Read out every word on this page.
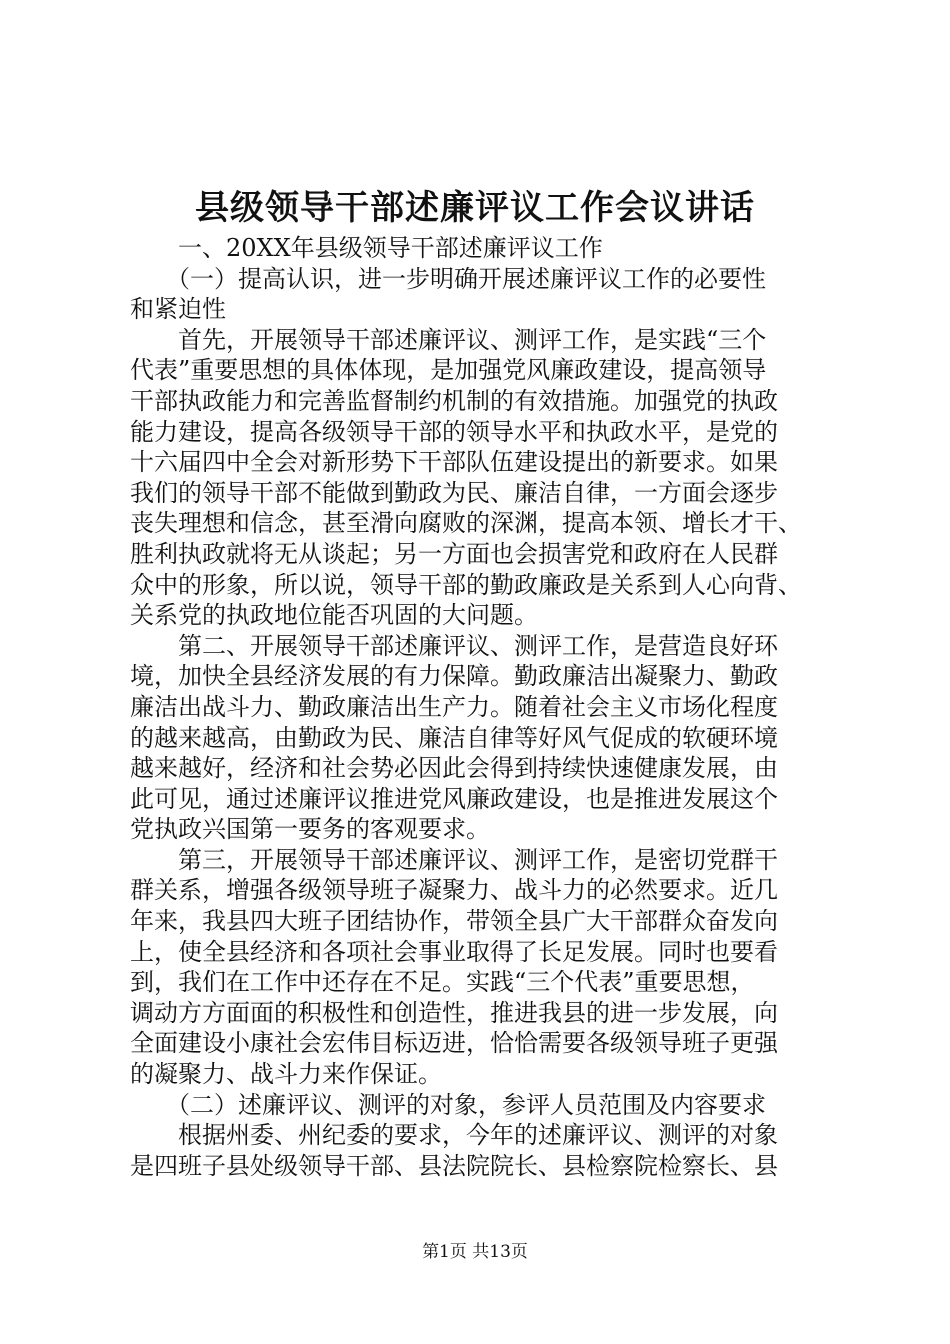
县级领导干部述廉评议工作会议讲话
　　一、20XX年县级领导干部述廉评议工作
　　（一）提高认识，进一步明确开展述廉评议工作的必要性
和紧迫性
　　首先，开展领导干部述廉评议、测评工作，是实践“三个
代表”重要思想的具体体现，是加强党风廉政建设，提高领导
干部执政能力和完善监督制约机制的有效措施。加强党的执政
能力建设，提高各级领导干部的领导水平和执政水平，是党的
十六届四中全会对新形势下干部队伍建设提出的新要求。如果
我们的领导干部不能做到勤政为民、廉洁自律，一方面会逐步
丧失理想和信念，甚至滑向腐败的深渊，提高本领、增长才干、
胜利执政就将无从谈起；另一方面也会损害党和政府在人民群
众中的形象，所以说，领导干部的勤政廉政是关系到人心向背、
关系党的执政地位能否巩固的大问题。
　　第二、开展领导干部述廉评议、测评工作，是营造良好环
境，加快全县经济发展的有力保障。勤政廉洁出凝聚力、勤政
廉洁出战斗力、勤政廉洁出生产力。随着社会主义市场化程度
的越来越高，由勤政为民、廉洁自律等好风气促成的软硬环境
越来越好，经济和社会势必因此会得到持续快速健康发展，由
此可见，通过述廉评议推进党风廉政建设，也是推进发展这个
党执政兴国第一要务的客观要求。
　　第三，开展领导干部述廉评议、测评工作，是密切党群干
群关系，增强各级领导班子凝聚力、战斗力的必然要求。近几
年来，我县四大班子团结协作，带领全县广大干部群众奋发向
上，使全县经济和各项社会事业取得了长足发展。同时也要看
到，我们在工作中还存在不足。实践“三个代表”重要思想，
调动方方面面的积极性和创造性，推进我县的进一步发展，向
全面建设小康社会宏伟目标迈进，恰恰需要各级领导班子更强
的凝聚力、战斗力来作保证。
　　（二）述廉评议、测评的对象，参评人员范围及内容要求
　　根据州委、州纪委的要求，今年的述廉评议、测评的对象
是四班子县处级领导干部、县法院院长、县检察院检察长、县
第1页 共13页
